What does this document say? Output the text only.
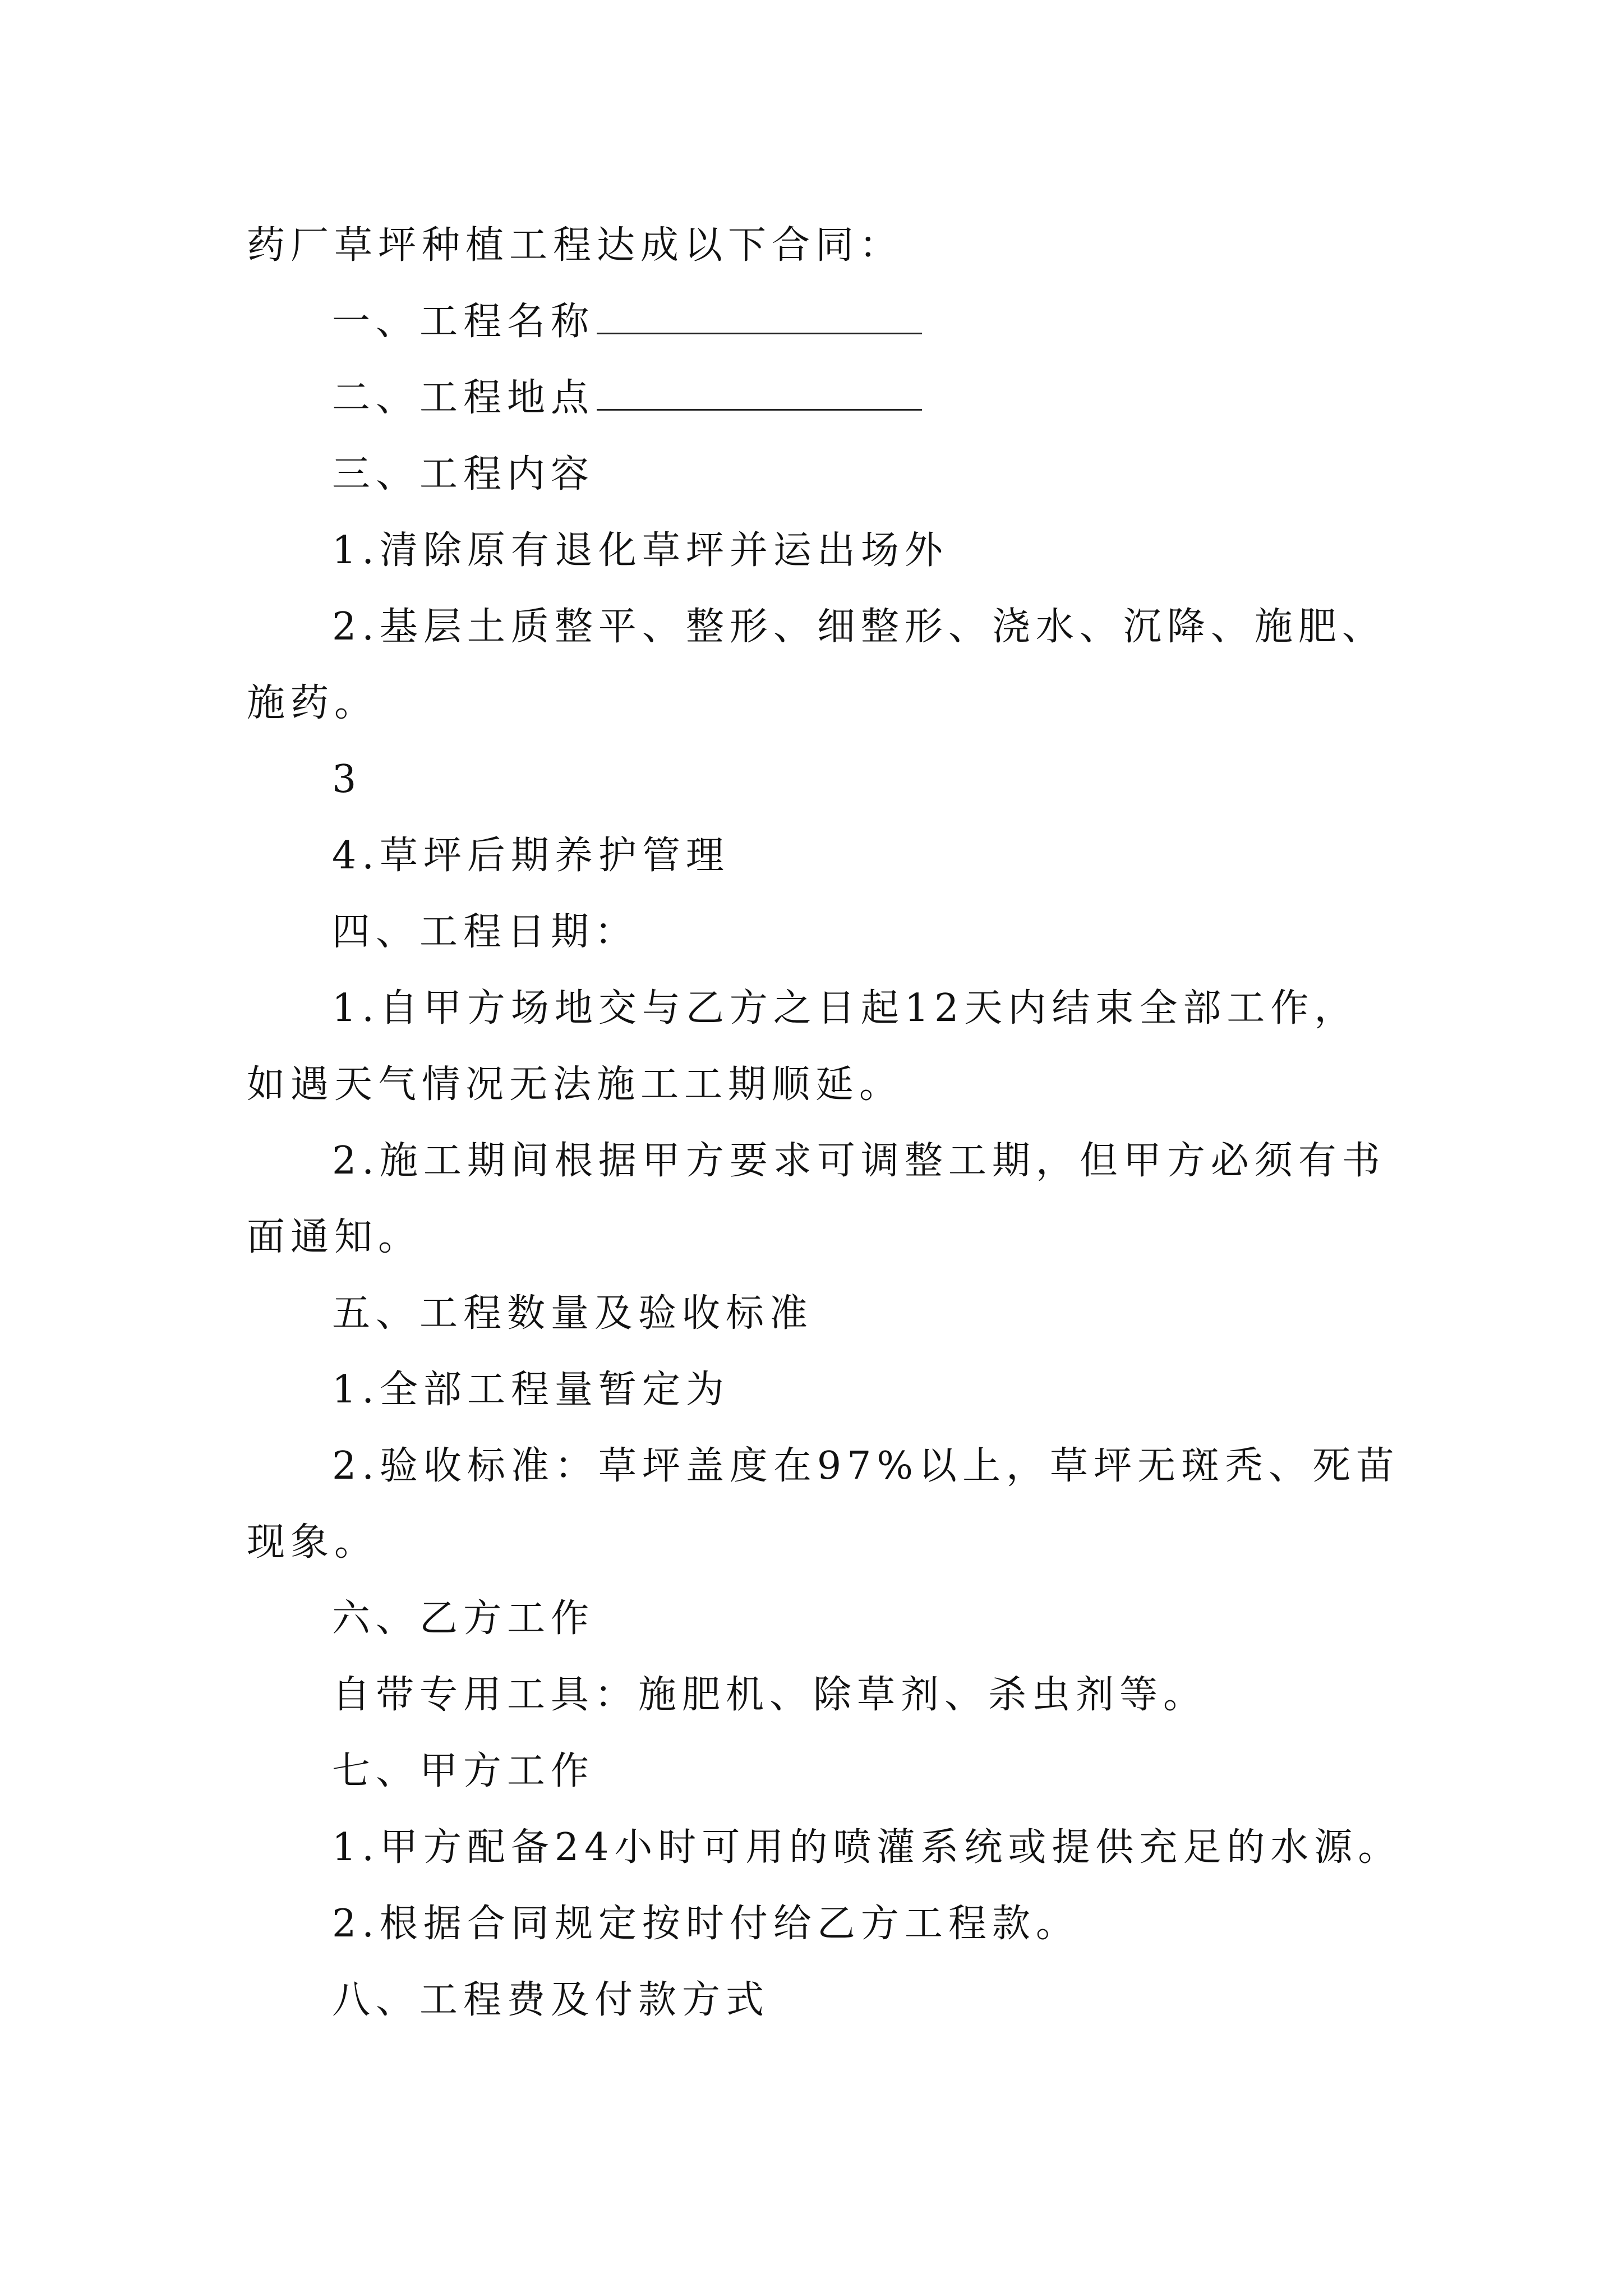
药厂草坪种植工程达成以下合同：

一、工程名称

二、工程地点

三、工程内容

1.清除原有退化草坪并运出场外

2.基层土质整平、整形、细整形、浇水、沉降、施肥、

施药。

3

4.草坪后期养护管理

四、工程日期：

1.自甲方场地交与乙方之日起12天内结束全部工作，

如遇天气情况无法施工工期顺延。

2.施工期间根据甲方要求可调整工期，但甲方必须有书

面通知。

五、工程数量及验收标准

1.全部工程量暂定为

2.验收标准：草坪盖度在97%以上，草坪无斑秃、死苗

现象。

六、乙方工作

自带专用工具：施肥机、除草剂、杀虫剂等。

七、甲方工作

1.甲方配备24小时可用的喷灌系统或提供充足的水源。

2.根据合同规定按时付给乙方工程款。

八、工程费及付款方式
